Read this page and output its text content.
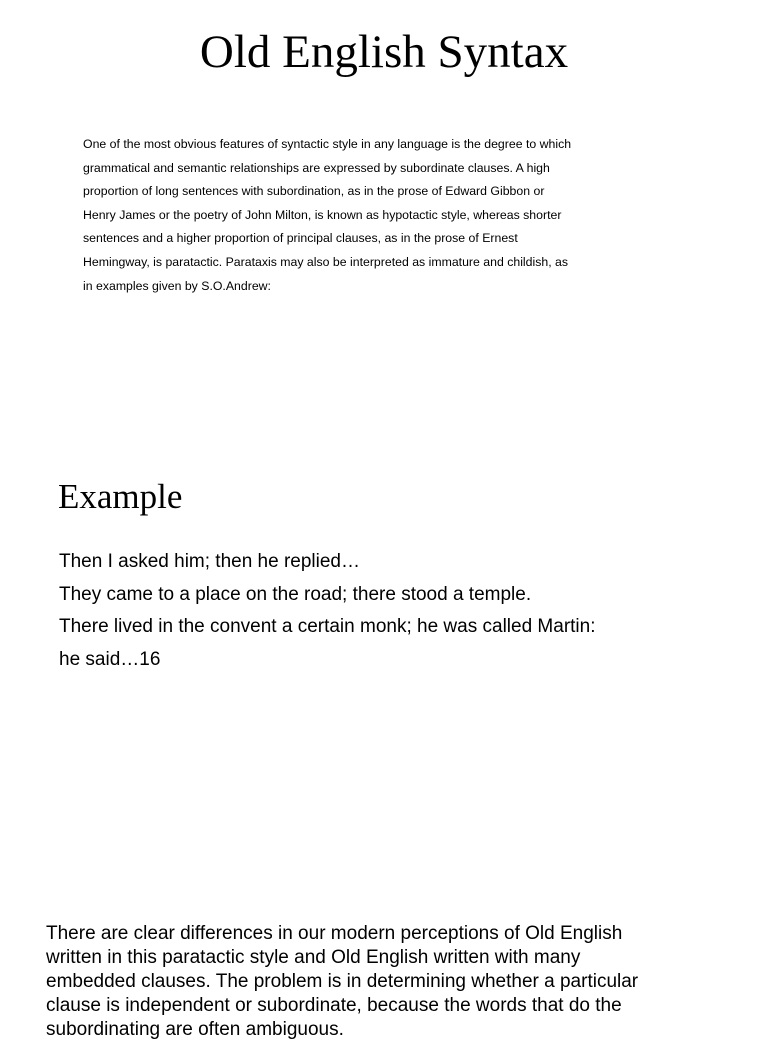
Old English Syntax

One of the most obvious features of syntactic style in any language is the degree to which
grammatical and semantic relationships are expressed by subordinate clauses. A high
proportion of long sentences with subordination, as in the prose of Edward Gibbon or
Henry James or the poetry of John Milton, is known as hypotactic style, whereas shorter
sentences and a higher proportion of principal clauses, as in the prose of Ernest
Hemingway, is paratactic. Parataxis may also be interpreted as immature and childish, as
in examples given by S.O.Andrew:

Example

Then I asked him; then he replied…
They came to a place on the road; there stood a temple.
There lived in the convent a certain monk; he was called Martin:
he said…16

There are clear differences in our modern perceptions of Old English
written in this paratactic style and Old English written with many
embedded clauses. The problem is in determining whether a particular
clause is independent or subordinate, because the words that do the
subordinating are often ambiguous.
